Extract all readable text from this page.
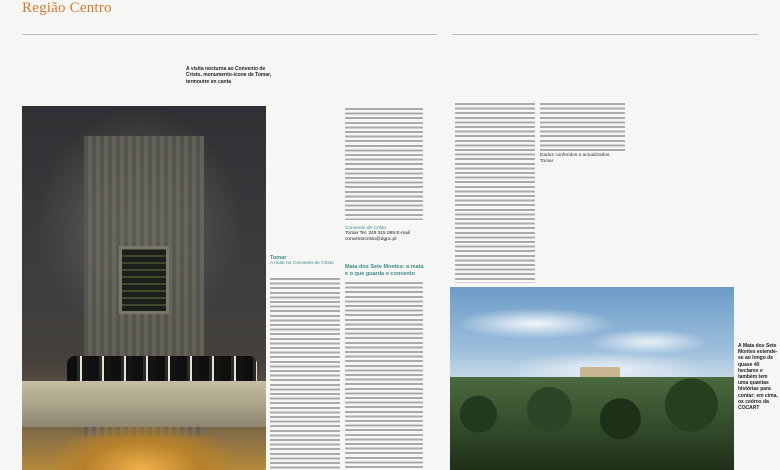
Região Centro
A visita nocturna ao Convento de Cristo, monumento-ícone de Tomar, termoutre en canta
Tomar
A noite no Convento de Cristo
Convento de Cristo
Tomar Tel. 249 315 089 E-mail conventocristo@dgpc.pt
Mata dos Sete Montes: a mata e o que guarda o convento
Dados conferidos e actualizados. Tomar
A Mata dos Sete Montes estende-se ao longo de quase 40 hectares e também tem uma quantas histórias para contar: em cima, os cedros da COCART
